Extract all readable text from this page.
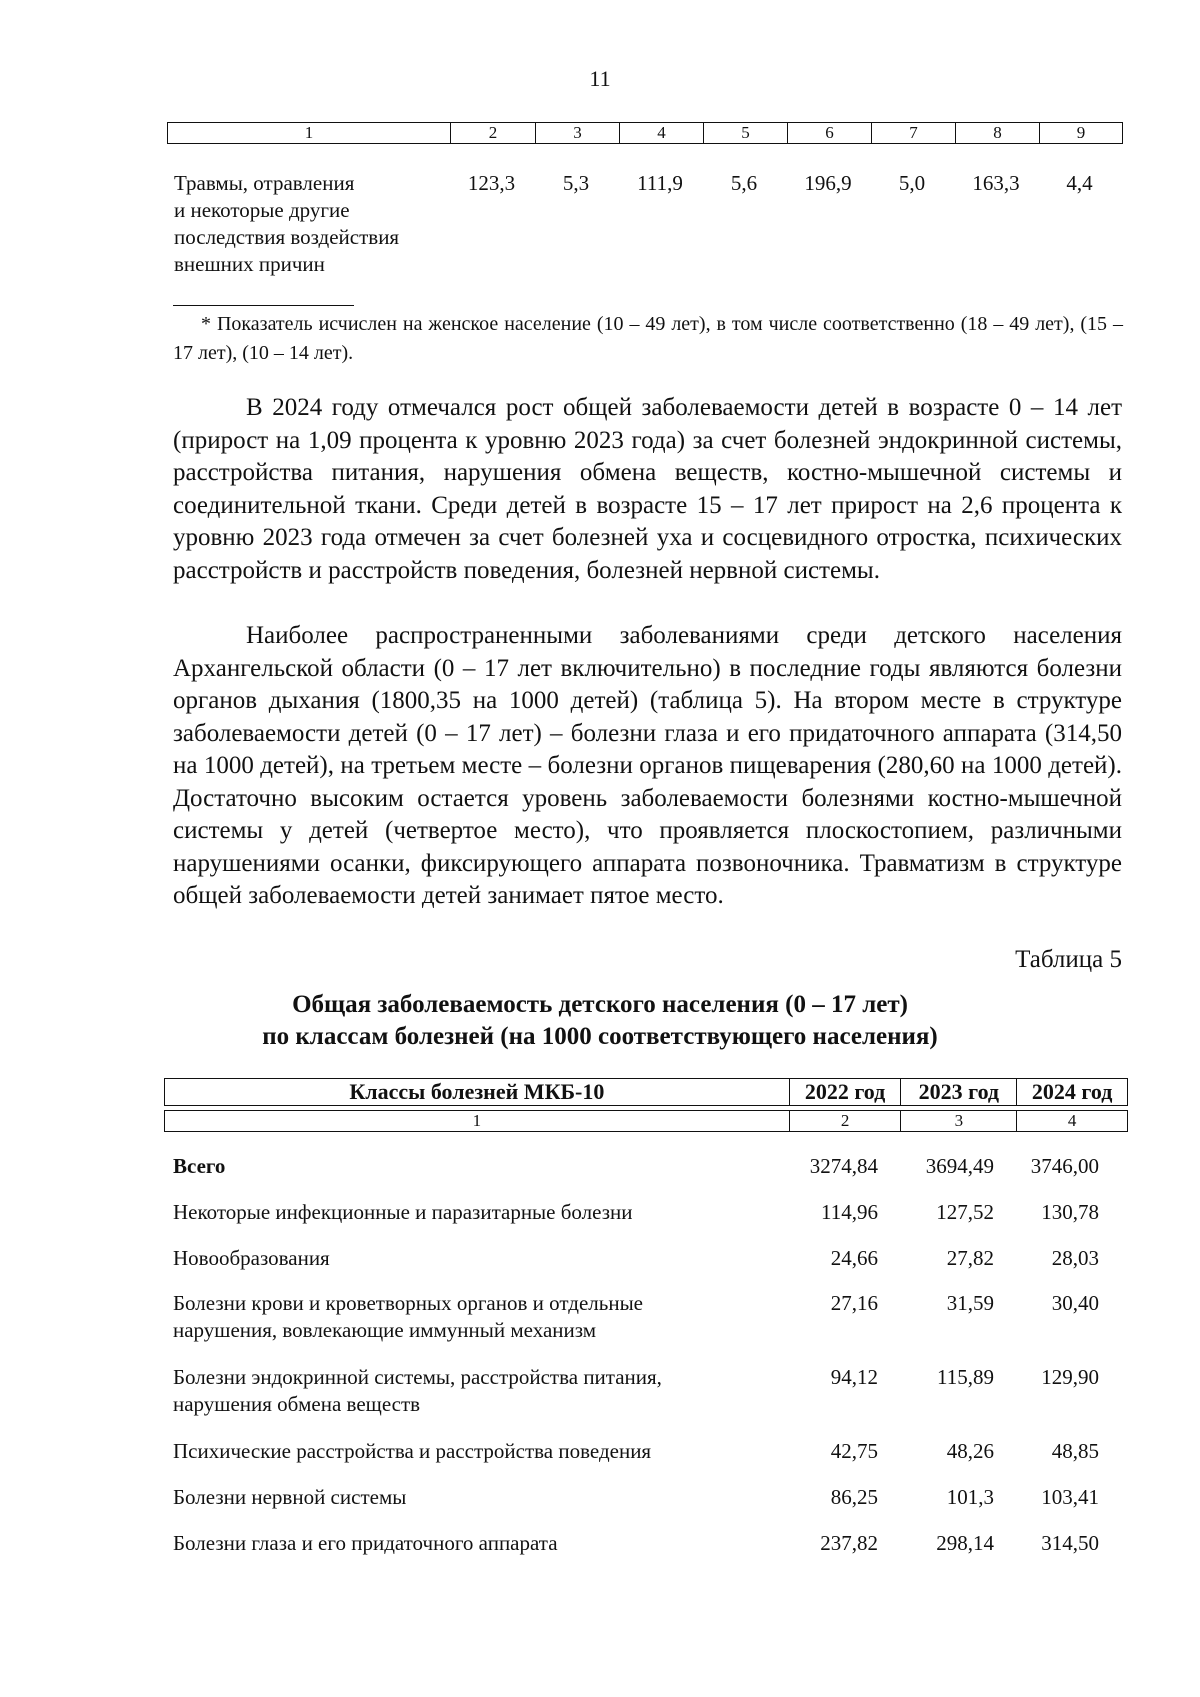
11
1	2	3	4	5	6	7	8	9
Травмы, отравления
и некоторые другие
последствия воздействия
внешних причин
123,3	5,3	111,9	5,6	196,9	5,0	163,3	4,4
* Показатель исчислен на женское население (10 – 49 лет), в том числе соответственно (18 – 49 лет), (15 – 17 лет), (10 – 14 лет).
В 2024 году отмечался рост общей заболеваемости детей в возрасте 0 – 14 лет (прирост на 1,09 процента к уровню 2023 года) за счет болезней эндокринной системы, расстройства питания, нарушения обмена веществ, костно-мышечной системы и соединительной ткани. Среди детей в возрасте 15 – 17 лет прирост на 2,6 процента к уровню 2023 года отмечен за счет болезней уха и сосцевидного отростка, психических расстройств и расстройств поведения, болезней нервной системы.
Наиболее распространенными заболеваниями среди детского населения Архангельской области (0 – 17 лет включительно) в последние годы являются болезни органов дыхания (1800,35 на 1000 детей) (таблица 5). На втором месте в структуре заболеваемости детей (0 – 17 лет) – болезни глаза и его придаточного аппарата (314,50 на 1000 детей), на третьем месте – болезни органов пищеварения (280,60 на 1000 детей). Достаточно высоким остается уровень заболеваемости болезнями костно-мышечной системы у детей (четвертое место), что проявляется плоскостопием, различными нарушениями осанки, фиксирующего аппарата позвоночника. Травматизм в структуре общей заболеваемости детей занимает пятое место.
Таблица 5
Общая заболеваемость детского населения (0 – 17 лет)
по классам болезней (на 1000 соответствующего населения)
Классы болезней МКБ-10	2022 год	2023 год	2024 год
1	2	3	4
Всего	3274,84	3694,49	3746,00
Некоторые инфекционные и паразитарные болезни	114,96	127,52	130,78
Новообразования	24,66	27,82	28,03
Болезни крови и кроветворных органов и отдельные
нарушения, вовлекающие иммунный механизм
27,16	31,59	30,40
Болезни эндокринной системы, расстройства питания,
нарушения обмена веществ
94,12	115,89	129,90
Психические расстройства и расстройства поведения	42,75	48,26	48,85
Болезни нервной системы	86,25	101,3	103,41
Болезни глаза и его придаточного аппарата	237,82	298,14	314,50
